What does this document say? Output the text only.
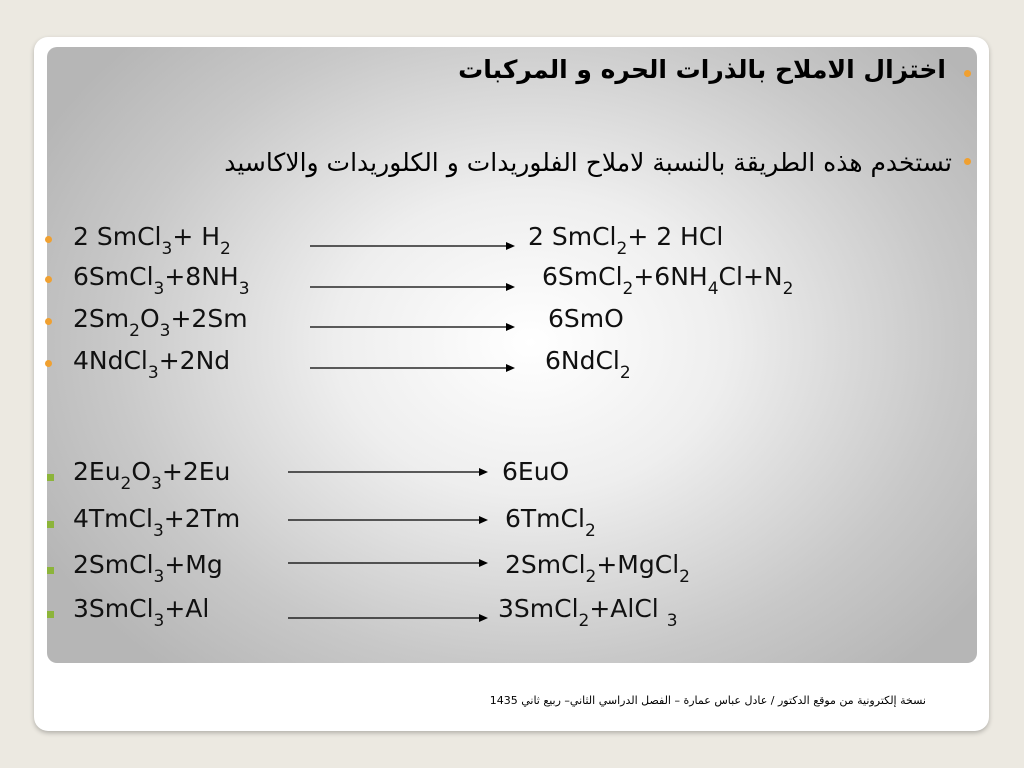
اختزال الاملاح بالذرات الحره و المركبات
تستخدم هذه الطريقة بالنسبة لاملاح الفلوريدات و الكلوريدات والاكاسيد
2 SmCl$_3$+ $H_2$	2 SmCl$_2$+ 2 HCl
$6SmCl_3+8NH_3$	$6SmCl_2+6NH_4Cl+N_2$
$2Sm_2O_3+2Sm$	6SmO
4NdCl$_3$+2Nd	6NdCl$_2$
$2Eu_2O_3+2Eu$	6EuO
4TmCl$_3$+2Tm	6TmCl$_2$
2SmCl$_3$+Mg	2SmCl$_2$+MgCl$_2$
3SmCl$_3$+Al	3SmCl$_2$+AlCl $_3$
نسخة إلكترونية من موقع الدكتور / عادل عباس عمارة – الفصل الدراسي الثاني– ربيع ثاني 1435
